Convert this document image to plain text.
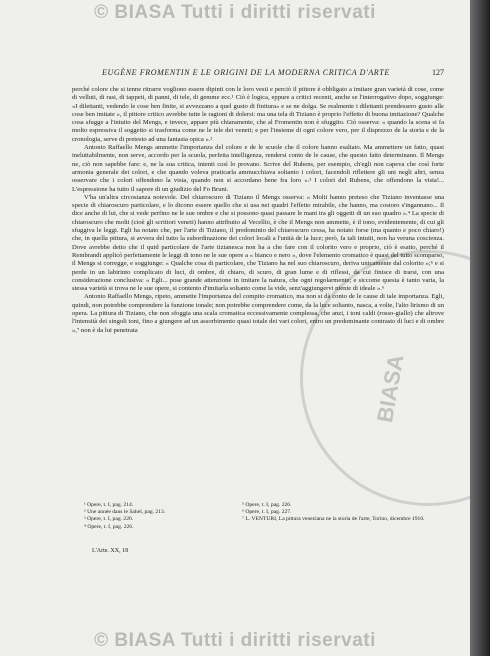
© BIASA Tutti i diritti riservati
BIASA
EUGÈNE FROMENTIN E LE ORIGINI DE LA MODERNA CRITICA D'ARTE	127

perché colore che si tenne ritrarre vogliono essere dipinti con le loro vesti e perciò il pittore è obbligato a imitare gran varietà di cose, come di velluti, di rasi, di tappeti, di panni, di tele, di gemme ecc.¹ Ciò è logica, eppure a critici recenti, anche se l'interrogativo dopo, soggiunge: «I dilettanti, vedendo le cose ben finite, si avvezzano a quel gusto di finitura» e se ne dolga. Se realmente i dilettanti prendessero gusto alle cose ben imitate », il pittore critico avrebbe tutte le ragioni di dolersi: ma una tela di Tiziano è proprio l'effetto di buona imitazione? Qualche cosa sfugge a l'intuito del Mengs, e invece, appare più chiaramente, che al Fromentin non è sfuggito. Ciò osserva: « quando la scena si fa molto espressiva il soggetto si trasforma come ne le tele dei veneti; e per l'insieme di ogni colore vero, per il disprezzo de la storia e de la cronologia, serve di pretesto ad una fantasia opica ».²

Antonio Raffaello Mengs ammette l'importanza del colore e de le scuole che il colore hanno esaltato. Ma ammettere un fatto, quasi ineluttabilmente, non serve, accordo per la scuola, perfetta intelligenza, rendersi conto de le cause, che questo fatto determinano. Il Mengs ne, ciò non sapebbe fare: e, ne la sua critica, intenti così lo provano. Scrive del Rubens, per esempio, ch'egli non capeva che così forte armonia generale dei colori, e che quando voleva praticarla ammucchiava soltanto i colori, facendoli riflettere gli uni negli altri, senza osservare che i colori offendono la vista, quando non si accordano bene fra loro ».³ I colori del Rubens, che offendono la vista!... L'espressione ha tutto il sapore di un giudizio del Fo Bruni.

V'ha un'altra circostanza notevole. Del chiaroscuro di Tiziano il Mengs osserva: « Molti hanno preteso che Tiziano inventasse una specie di chiaroscuro particolare, e lo dicono essere quello che si usa nei quadri l'effetto mirabile, che hanno, ma costoro s'ingannano... Il dice anche di lui, che si vede perfino ne le sue ombre e che si possono quasi passare le mani tra gli oggetti di un suo quadro ».⁴ La specie di chiaroscuro che molti (cioè gli scrittori veneti) hanno attribuito al Vecellio, è che il Mengs non ammette, è il tono, evidentemente, di cui gli sfuggiva le leggi. Egli ha notato che, per l'arte di Tiziano, il predominio del chiaroscuro cessa, ha notato forse (ma quanto e poco chiaro!) che, in quella pittura, si avvera del tutto la subordinazione dei colori locali a l'unità de la luce; però, fa tali intuiti, non ha veruna coscienza. Dove avrebbe detto che il quid particolare de l'arte tizianesca non ha a che fare con il colorito vero e proprio, ciò è esatto, perché il Rembrandt applicò perfettamente le leggi di tono ne le sue opere a « bianco e nero », dove l'elemento cromatico è quasi del tutto scomparso, il Mengs si corregge, e soggiunge: « Qualche cosa di particolare, che Tiziano ha nel suo chiaroscuro, deriva unicamente dal colorito »;⁵ e si perde in un labirinto complicato di luci, di ombre, di chiaro, di scuro, di gran lume e di riflessi, da cui finisce di trarsi, con una considerazione conclusiva: « Egli... pose grande attenzione in imitare la natura, che ogni regolarmente; e siccome questa è tanto varia, la stessa varietà si trova ne le sue opere, si contento d'imitarla soltanto come la vide, senz'aggiungervi niente di ideale ».⁶

Antonio Raffaello Mengs, ripeto, ammette l'importanza del compito cromatico, ma non si dà conto de le cause di tale importanza. Egli, quindi, non potrebbe comprendere la funzione tonale; non potrebbe comprendere come, da la luce soltanto, nasca, a volte, l'alto lirismo di un opera. La pittura di Tiziano, che non sfoggia una scala cromatica eccessivamente complessa, che anzi, i toni caldi (rosso-giallo) che altrove l'intensità dei singoli toni, fino a giungere ad un assorbimento quasi totale dei vari colori, entro un predominante contrasto di luci e di ombre »,⁷ non è da lui penetrata

¹ Opere, t. I, pag. 214.
² Une année dans le Sahel, pag. 213.
³ Opere, t. I, pag. 226.
⁴ Opere, t. I, pag. 226.
⁵ Opere, t. I, pag. 226.
⁶ Opere, t. I, pag. 227.
⁷ L. VENTURI, La pittura veneziana ne la storia de l'arte, Torino, dicembre 1910.
L'Arte. XX, 18
© BIASA Tutti i diritti riservati
